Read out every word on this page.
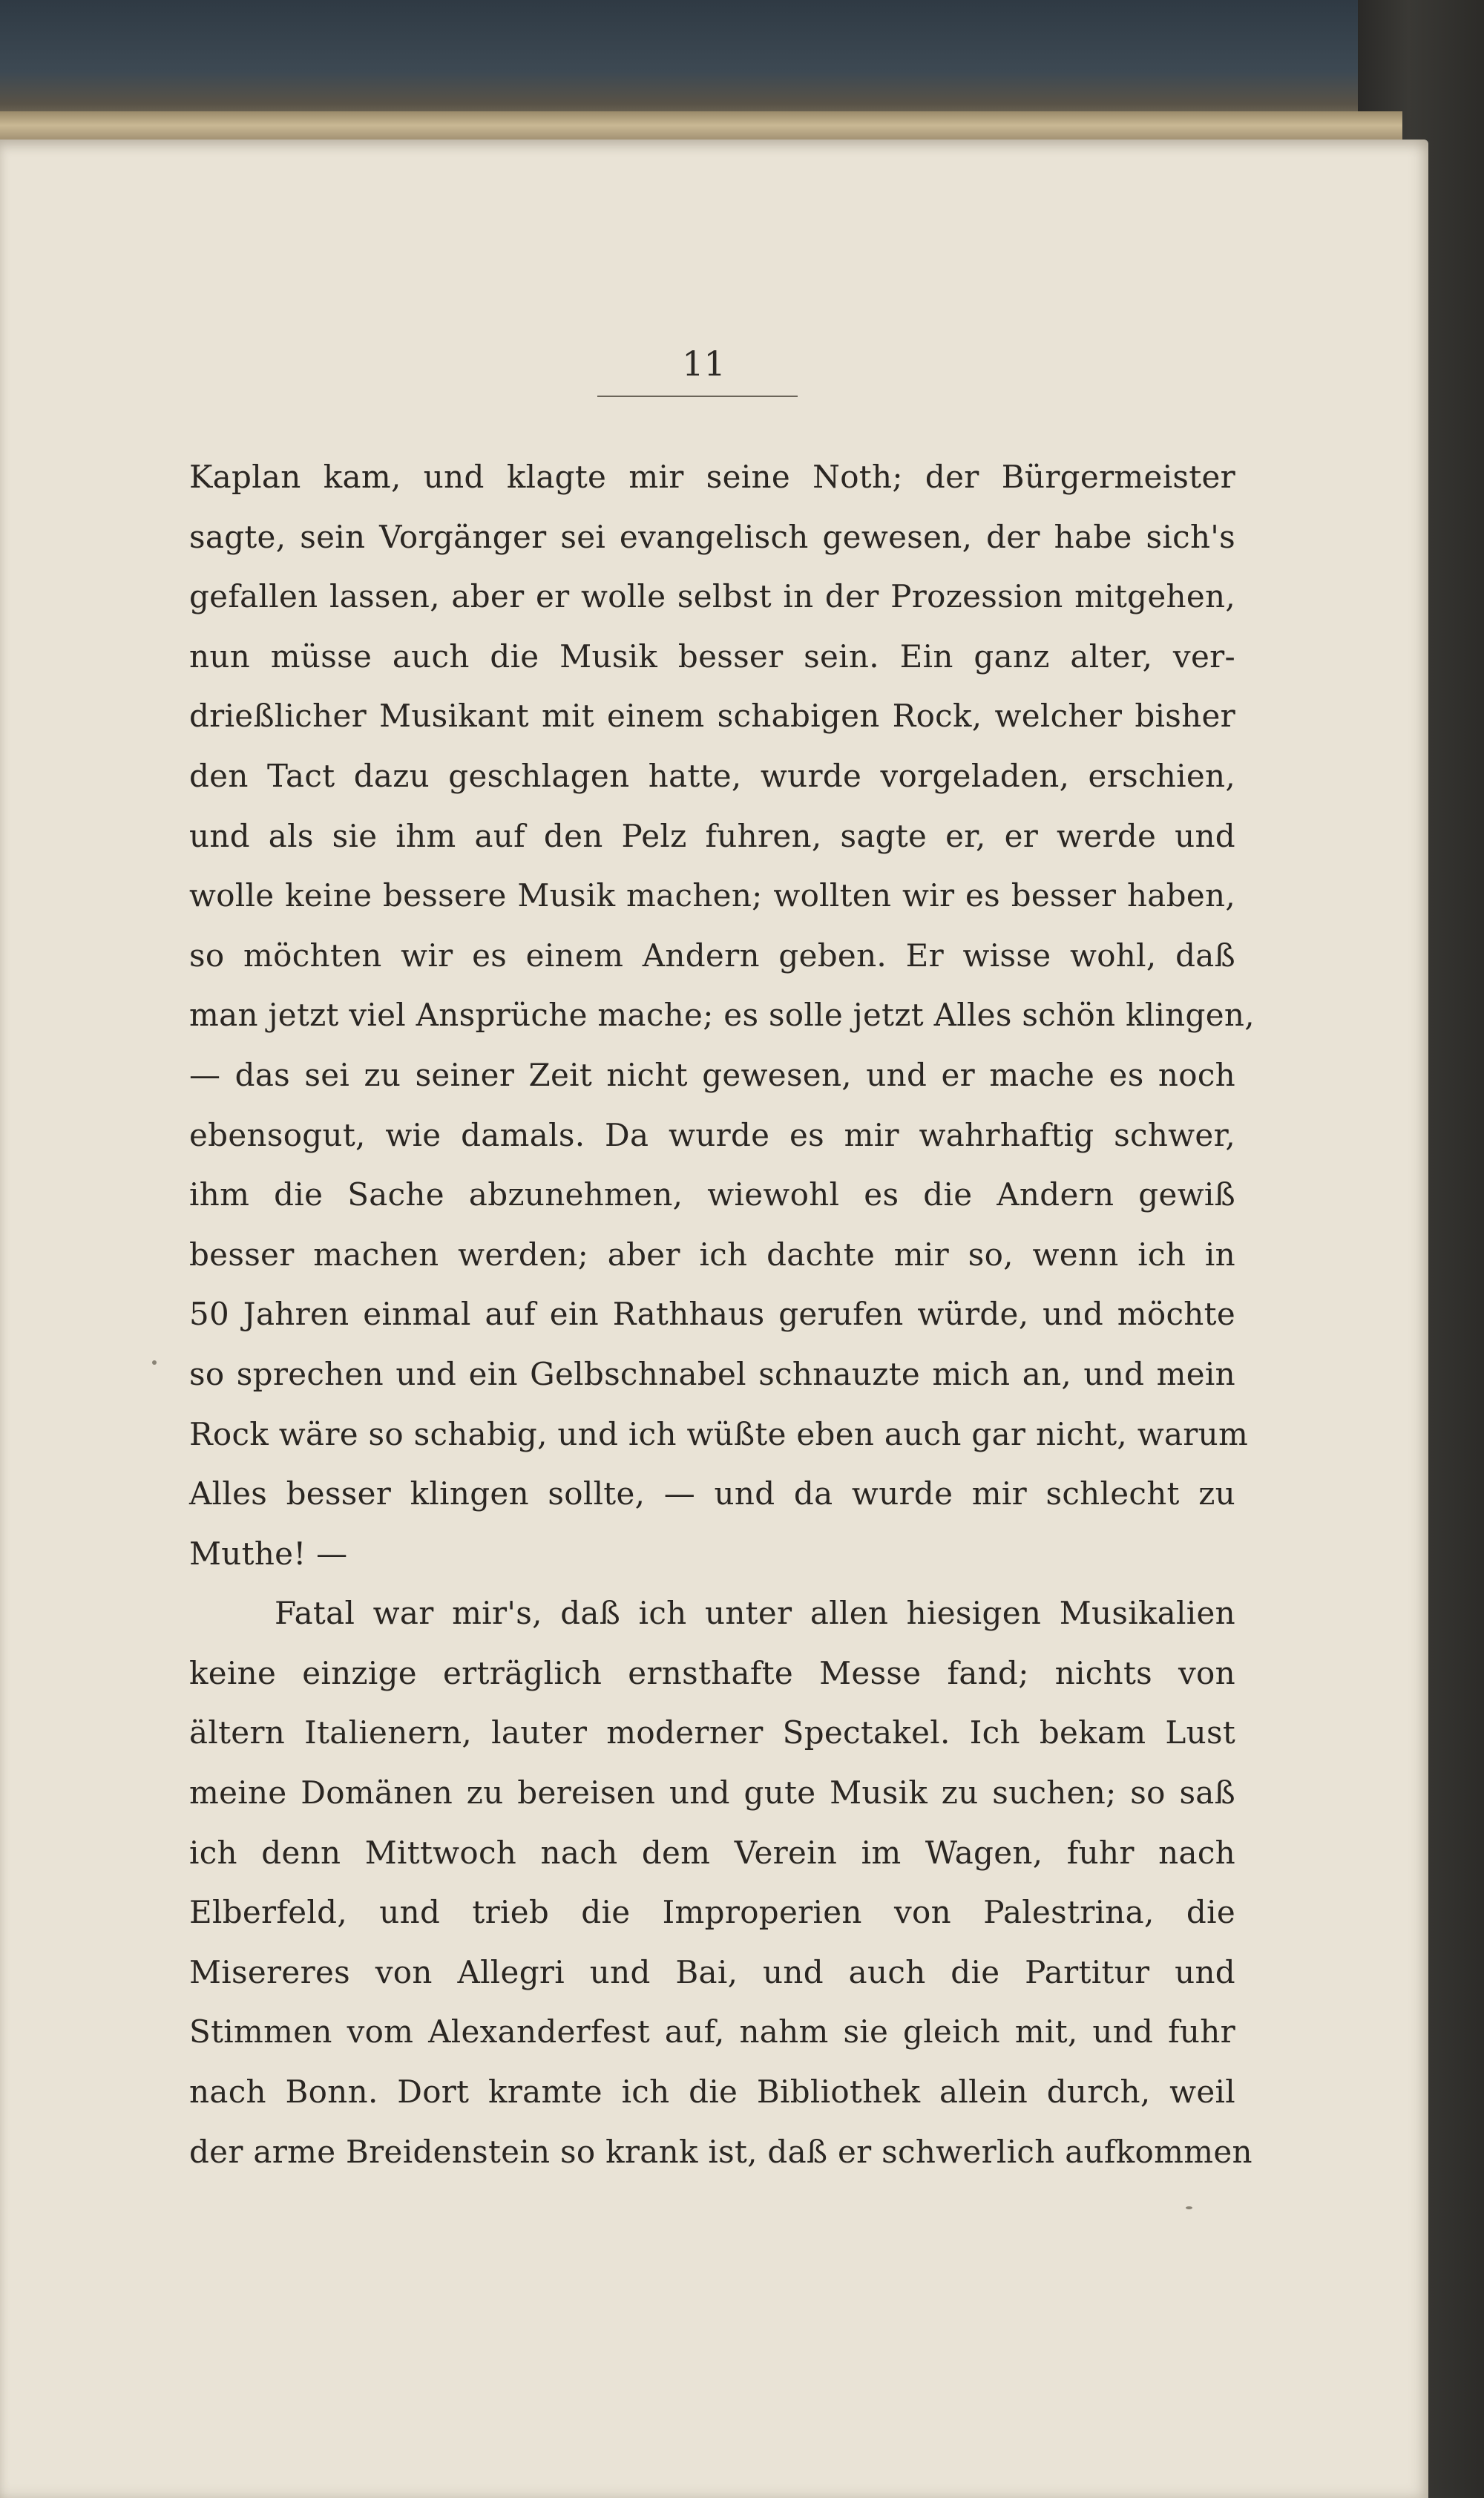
11
Kaplan kam, und klagte mir seine Noth; der Bürgermeister
sagte, sein Vorgänger sei evangelisch gewesen, der habe sich's
gefallen lassen, aber er wolle selbst in der Prozession mitgehen,
nun müsse auch die Musik besser sein. Ein ganz alter, ver-
drießlicher Musikant mit einem schabigen Rock, welcher bisher
den Tact dazu geschlagen hatte, wurde vorgeladen, erschien,
und als sie ihm auf den Pelz fuhren, sagte er, er werde und
wolle keine bessere Musik machen; wollten wir es besser haben,
so möchten wir es einem Andern geben. Er wisse wohl, daß
man jetzt viel Ansprüche mache; es solle jetzt Alles schön klingen,
— das sei zu seiner Zeit nicht gewesen, und er mache es noch
ebensogut, wie damals. Da wurde es mir wahrhaftig schwer,
ihm die Sache abzunehmen, wiewohl es die Andern gewiß
besser machen werden; aber ich dachte mir so, wenn ich in
50 Jahren einmal auf ein Rathhaus gerufen würde, und möchte
so sprechen und ein Gelbschnabel schnauzte mich an, und mein
Rock wäre so schabig, und ich wüßte eben auch gar nicht, warum
Alles besser klingen sollte, — und da wurde mir schlecht zu
Muthe! —
Fatal war mir's, daß ich unter allen hiesigen Musikalien
keine einzige erträglich ernsthafte Messe fand; nichts von
ältern Italienern, lauter moderner Spectakel. Ich bekam Lust
meine Domänen zu bereisen und gute Musik zu suchen; so saß
ich denn Mittwoch nach dem Verein im Wagen, fuhr nach
Elberfeld, und trieb die Improperien von Palestrina, die
Misereres von Allegri und Bai, und auch die Partitur und
Stimmen vom Alexanderfest auf, nahm sie gleich mit, und fuhr
nach Bonn. Dort kramte ich die Bibliothek allein durch, weil
der arme Breidenstein so krank ist, daß er schwerlich aufkommen
